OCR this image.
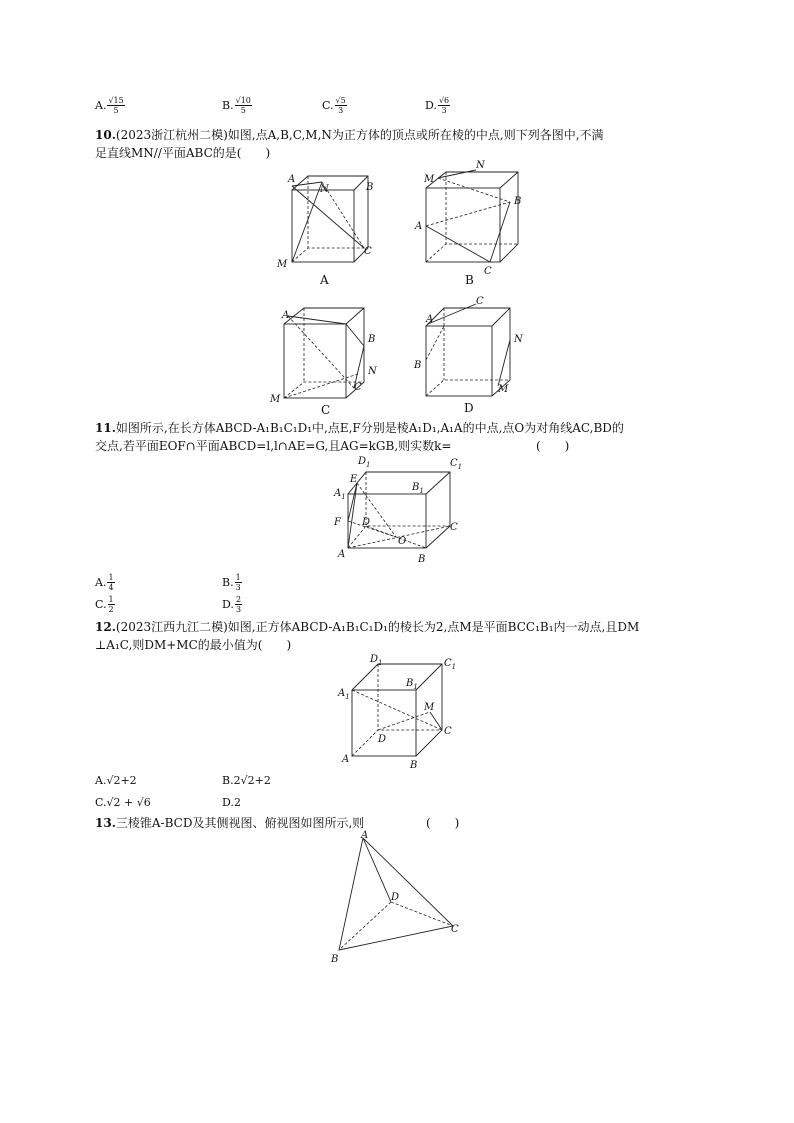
A. $\frac{√15}{5}$	B. $\frac{√10}{5}$	C. $\frac{√5}{3}$	D. $\frac{√6}{3}$
10.(2023浙江杭州二模)如图,点A,B,C,M,N为正方体的顶点或所在棱的中点,则下列各图中,不满
足直线MN//平面ABC的是(　　)
A
N	B
C
M
A
M
N
B
A
C
B
A
B
N
C
M
C
A
C
N
B
M
D
11.如图所示,在长方体ABCD-A₁B₁C₁D₁中,点E,F分别是棱A₁D₁,A₁A的中点,点O为对角线AC,BD的
交点,若平面EOF∩平面ABCD=l,l∩AE=G,且AG=kGB,则实数k=	(　　)
$D_1$	$C_1$
E
$B_1$
$A_1$
F D	C
O
A	B
A. $\frac{1}{4}$	B. $\frac{1}{3}$
C. $\frac{1}{2}$	D. $\frac{2}{3}$
12.(2023江西九江二模)如图,正方体ABCD-A₁B₁C₁D₁的棱长为2,点M是平面BCC₁B₁内一动点,且DM
⊥A₁C,则DM+MC的最小值为(　　)
$D_1$	$C_1$
$B_1$
$A_1$
M
D
C
A
B
A.√2+2	B.2√2+2
C.√2 + √6	D.2
13.三棱锥A-BCD及其侧视图、俯视图如图所示,则	(　　)
A
D
C
B
